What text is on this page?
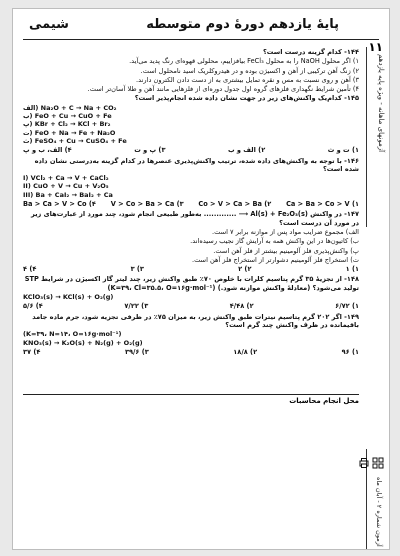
شیمی	پایهٔ یازدهم دورهٔ دوم متوسطه
۱۱
آزمونهای ماهانه - ویژه پایه یازدهم
۱۴۴- کدام گزینه درست است؟
۱) اگر محلول NaOH را به محلول FeCl₃ بیافزاییم، محلولی قهوه‌ای رنگ پدید می‌آید.
۲) زنگ آهن ترکیبی از آهن و اکسیژن بوده و در هیدروکلریک اسید نامحلول است.
۳) آهن و روی نسبت به مس و نقره تمایل بیشتری به از دست دادن الکترون دارند.
۴) تأمین شرایط نگهداری فلزهای گروه اول جدول دوره‌ای از فلزهایی مانند آهن و طلا آسان‌تر است.
۱۴۵- کدام‌یک واکنش‌های زیر در جهت نشان داده شده انجام‌پذیر است؟
الف) Na₂O + C → Na + CO₂
ب) FeO + Cu → CuO + Fe
پ) KBr + Cl₂ → KCl + Br₂
ت) FeO + Na → Fe + Na₂O
ث) FeSO₄ + Cu → CuSO₄ + Fe
۱) ت و ث
۲) الف و ب
۳) پ و ت
۴) الف، ب و پ
۱۴۶- با توجه به واکنش‌های داده شده، ترتیب واکنش‌پذیری عنصرها در کدام گزینه به‌درستی نشان داده شده است؟
I) VCl₂ + Ca → V + CaCl₂
II) CuO + V → Cu + V₂O₅
III) Ba + CaI₂ → BaI₂ + Ca
۱) Ca > Ba > Co > V
۲) Co > V > Ca > Ba
۳) V > Co > Ba > Ca
۴) Ba > Ca > V > Co
۱۴۷- در واکنش Al(s) + Fe₂O₃(s) ⟶ ............. به‌طور طبیعی انجام شود، چند مورد از عبارت‌های زیر در مورد آن درست است؟
الف) مجموع ضرایب مواد پس از موازنه برابر ۷ است.
ب) کاتیون‌ها در این واکنش همه به آرایش گاز نجیب رسیده‌اند.
پ) واکنش‌پذیری فلز آلومینیم بیشتر از فلز آهن است.
ت) استخراج فلز آلومینیم دشوارتر از استخراج فلز آهن است.
۱) ۱
۲) ۲
۳) ۳
۴) ۴
۱۴۸- از تجزیهٔ ۳۵ گرم پتاسیم کلرات با خلوص ۷۰٪ طبق واکنش زیر، چند لیتر گاز اکسیژن در شرایط STP تولید می‌شود؟ (معادلهٔ واکنش موازنه شود.) (K=۳۹، Cl=۳۵.۵، O=۱۶g·mol⁻¹)
KClO₃(s) → KCl(s) + O₂(g)
۱) ۶/۷۲
۲) ۴/۴۸
۳) ۷/۲۲
۴) ۵/۶
۱۴۹- اگر ۲۰۲ گرم پتاسیم نیترات طبق واکنش زیر، به میزان ۷۵٪ در ظرفی تجزیه شود، جرم ماده جامد باقیمانده در ظرف واکنش چند گرم است؟
(K=۳۹، N=۱۴، O=۱۶g·mol⁻¹)
KNO₃(s) → K₂O(s) + N₂(g) + O₂(g)
۱) ۹۶
۲) ۱۸/۸
۳) ۳۹/۶
۴) ۳۷
محل انجام محاسبات

آزمون شماره ۲ - آبان ماه
